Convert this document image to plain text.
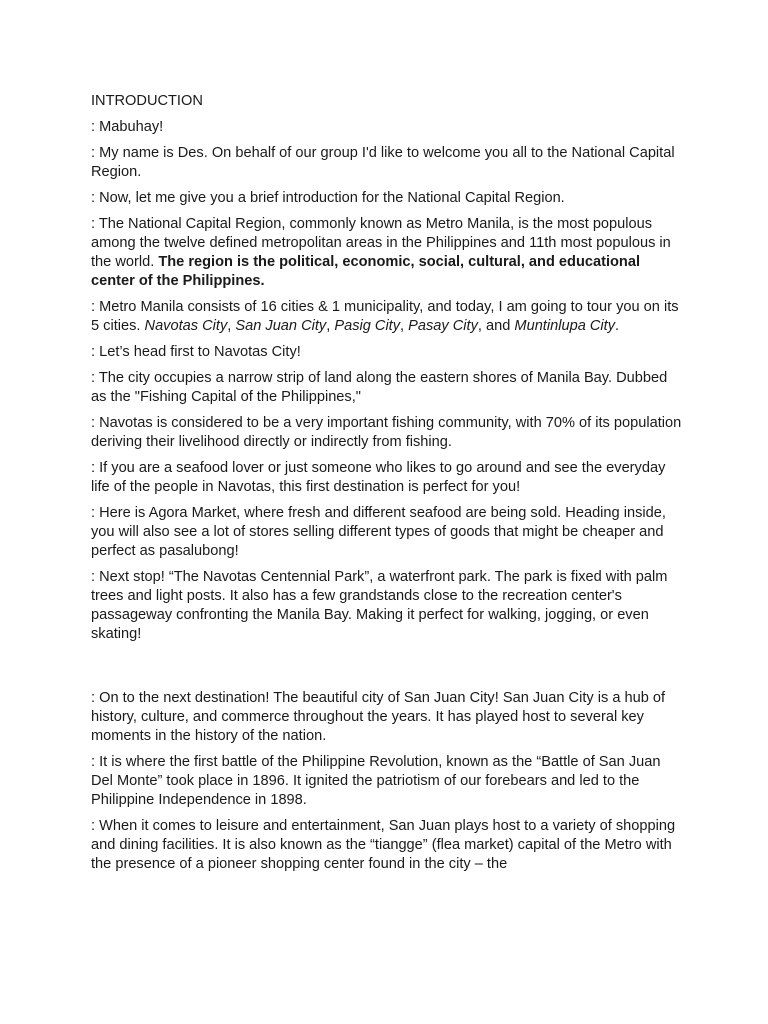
INTRODUCTION

: Mabuhay!

: My name is Des. On behalf of our group I'd like to welcome you all to the National Capital Region.

: Now, let me give you a brief introduction for the National Capital Region.

: The National Capital Region, commonly known as Metro Manila, is the most populous among the twelve defined metropolitan areas in the Philippines and 11th most populous in the world. The region is the political, economic, social, cultural, and educational center of the Philippines.

: Metro Manila consists of 16 cities & 1 municipality, and today, I am going to tour you on its 5 cities. Navotas City, San Juan City, Pasig City, Pasay City, and Muntinlupa City.

: Let’s head first to Navotas City!

: The city occupies a narrow strip of land along the eastern shores of Manila Bay. Dubbed as the "Fishing Capital of the Philippines,"

: Navotas is considered to be a very important fishing community, with 70% of its population deriving their livelihood directly or indirectly from fishing.

: If you are a seafood lover or just someone who likes to go around and see the everyday life of the people in Navotas, this first destination is perfect for you!

: Here is Agora Market, where fresh and different seafood are being sold. Heading inside, you will also see a lot of stores selling different types of goods that might be cheaper and perfect as pasalubong!

: Next stop! “The Navotas Centennial Park”, a waterfront park. The park is fixed with palm trees and light posts. It also has a few grandstands close to the recreation center's passageway confronting the Manila Bay. Making it perfect for walking, jogging, or even skating!

: On to the next destination! The beautiful city of San Juan City! San Juan City is a hub of history, culture, and commerce throughout the years. It has played host to several key moments in the history of the nation.

: It is where the first battle of the Philippine Revolution, known as the “Battle of San Juan Del Monte” took place in 1896. It ignited the patriotism of our forebears and led to the Philippine Independence in 1898.

: When it comes to leisure and entertainment, San Juan plays host to a variety of shopping and dining facilities. It is also known as the “tiangge” (flea market) capital of the Metro with the presence of a pioneer shopping center found in the city – the
